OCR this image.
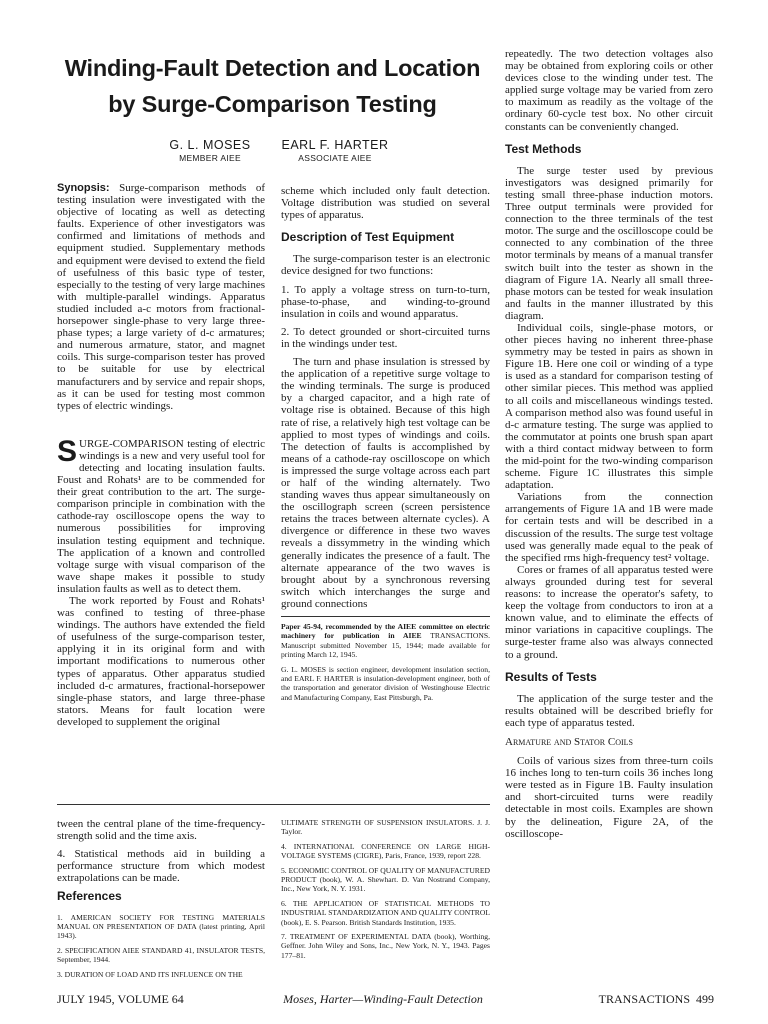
Winding-Fault Detection and Location
by Surge-Comparison Testing
G. L. MOSES
MEMBER AIEE
EARL F. HARTER
ASSOCIATE AIEE

Synopsis: Surge-comparison methods of testing insulation were investigated with the objective of locating as well as detecting faults. Experience of other investigators was confirmed and limitations of methods and equipment studied. Supplementary methods and equipment were devised to extend the field of usefulness of this basic type of tester, especially to the testing of very large machines with multiple-parallel windings. Apparatus studied included a-c motors from fractional-horsepower single-phase to very large three-phase types; a large variety of d-c armatures; and numerous armature, stator, and magnet coils. This surge-comparison tester has proved to be suitable for use by electrical manufacturers and by service and repair shops, as it can be used for testing most common types of electric windings.

SURGE-COMPARISON testing of electric windings is a new and very useful tool for detecting and locating insulation faults. Foust and Rohats¹ are to be commended for their great contribution to the art. The surge-comparison principle in combination with the cathode-ray oscilloscope opens the way to numerous possibilities for improving insulation testing equipment and technique. The application of a known and controlled voltage surge with visual comparison of the wave shape makes it possible to study insulation faults as well as to detect them.

The work reported by Foust and Rohats¹ was confined to testing of three-phase windings. The authors have extended the field of usefulness of the surge-comparison tester, applying it in its original form and with important modifications to numerous other types of apparatus. Other apparatus studied included d-c armatures, fractional-horsepower single-phase stators, and large three-phase stators. Means for fault location were developed to supplement the original

scheme which included only fault detection. Voltage distribution was studied on several types of apparatus.

Description of Test Equipment

The surge-comparison tester is an electronic device designed for two functions:

1. To apply a voltage stress on turn-to-turn, phase-to-phase, and winding-to-ground insulation in coils and wound apparatus.

2. To detect grounded or short-circuited turns in the windings under test.

The turn and phase insulation is stressed by the application of a repetitive surge voltage to the winding terminals. The surge is produced by a charged capacitor, and a high rate of voltage rise is obtained. Because of this high rate of rise, a relatively high test voltage can be applied to most types of windings and coils. The detection of faults is accomplished by means of a cathode-ray oscilloscope on which is impressed the surge voltage across each part or half of the winding alternately. Two standing waves thus appear simultaneously on the oscillograph screen (screen persistence retains the traces between alternate cycles). A divergence or difference in these two waves reveals a dissymmetry in the winding which generally indicates the presence of a fault. The alternate appearance of the two waves is brought about by a synchronous reversing switch which interchanges the surge and ground connections

Paper 45-94, recommended by the AIEE committee on electric machinery for publication in AIEE TRANSACTIONS. Manuscript submitted November 15, 1944; made available for printing March 12, 1945.

G. L. MOSES is section engineer, development insulation section, and EARL F. HARTER is insulation-development engineer, both of the transportation and generator division of Westinghouse Electric and Manufacturing Company, East Pittsburgh, Pa.

repeatedly. The two detection voltages also may be obtained from exploring coils or other devices close to the winding under test. The applied surge voltage may be varied from zero to maximum as readily as the voltage of the ordinary 60-cycle test box. No other circuit constants can be conveniently changed.

Test Methods

The surge tester used by previous investigators was designed primarily for testing small three-phase induction motors. Three output terminals were provided for connection to the three terminals of the test motor. The surge and the oscilloscope could be connected to any combination of the three motor terminals by means of a manual transfer switch built into the tester as shown in the diagram of Figure 1A. Nearly all small three-phase motors can be tested for weak insulation and faults in the manner illustrated by this diagram.

Individual coils, single-phase motors, or other pieces having no inherent three-phase symmetry may be tested in pairs as shown in Figure 1B. Here one coil or winding of a type is used as a standard for comparison testing of other similar pieces. This method was applied to all coils and miscellaneous windings tested. A comparison method also was found useful in d-c armature testing. The surge was applied to the commutator at points one brush span apart with a third contact midway between to form the mid-point for the two-winding comparison scheme. Figure 1C illustrates this simple adaptation.

Variations from the connection arrangements of Figure 1A and 1B were made for certain tests and will be described in a discussion of the results. The surge test voltage used was generally made equal to the peak of the specified rms high-frequency test² voltage.

Cores or frames of all apparatus tested were always grounded during test for several reasons: to increase the operator's safety, to keep the voltage from conductors to iron at a known value, and to eliminate the effects of minor variations in capacitive couplings. The surge-tester frame also was always connected to a ground.

Results of Tests

The application of the surge tester and the results obtained will be described briefly for each type of apparatus tested.

Armature and Stator Coils

Coils of various sizes from three-turn coils 16 inches long to ten-turn coils 36 inches long were tested as in Figure 1B. Faulty insulation and short-circuited turns were readily detectable in most coils. Examples are shown by the delineation, Figure 2A, of the oscilloscope-

tween the central plane of the time-frequency-strength solid and the time axis.

4. Statistical methods aid in building a performance structure from which modest extrapolations can be made.

References

1. AMERICAN SOCIETY FOR TESTING MATERIALS MANUAL ON PRESENTATION OF DATA (latest printing, April 1943).

2. SPECIFICATION AIEE STANDARD 41, INSULATOR TESTS, September, 1944.

3. DURATION OF LOAD AND ITS INFLUENCE ON THE

ULTIMATE STRENGTH OF SUSPENSION INSULATORS. J. J. Taylor.

4. INTERNATIONAL CONFERENCE ON LARGE HIGH-VOLTAGE SYSTEMS (CIGRE), Paris, France, 1939, report 228.

5. ECONOMIC CONTROL OF QUALITY OF MANUFACTURED PRODUCT (book), W. A. Shewhart. D. Van Nostrand Company, Inc., New York, N. Y. 1931.

6. THE APPLICATION OF STATISTICAL METHODS TO INDUSTRIAL STANDARDIZATION AND QUALITY CONTROL (book), E. S. Pearson. British Standards Institution, 1935.

7. TREATMENT OF EXPERIMENTAL DATA (book), Worthing, Geffner. John Wiley and Sons, Inc., New York, N. Y., 1943. Pages 177–81.

JULY 1945, VOLUME 64	Moses, Harter—Winding-Fault Detection	TRANSACTIONS  499
